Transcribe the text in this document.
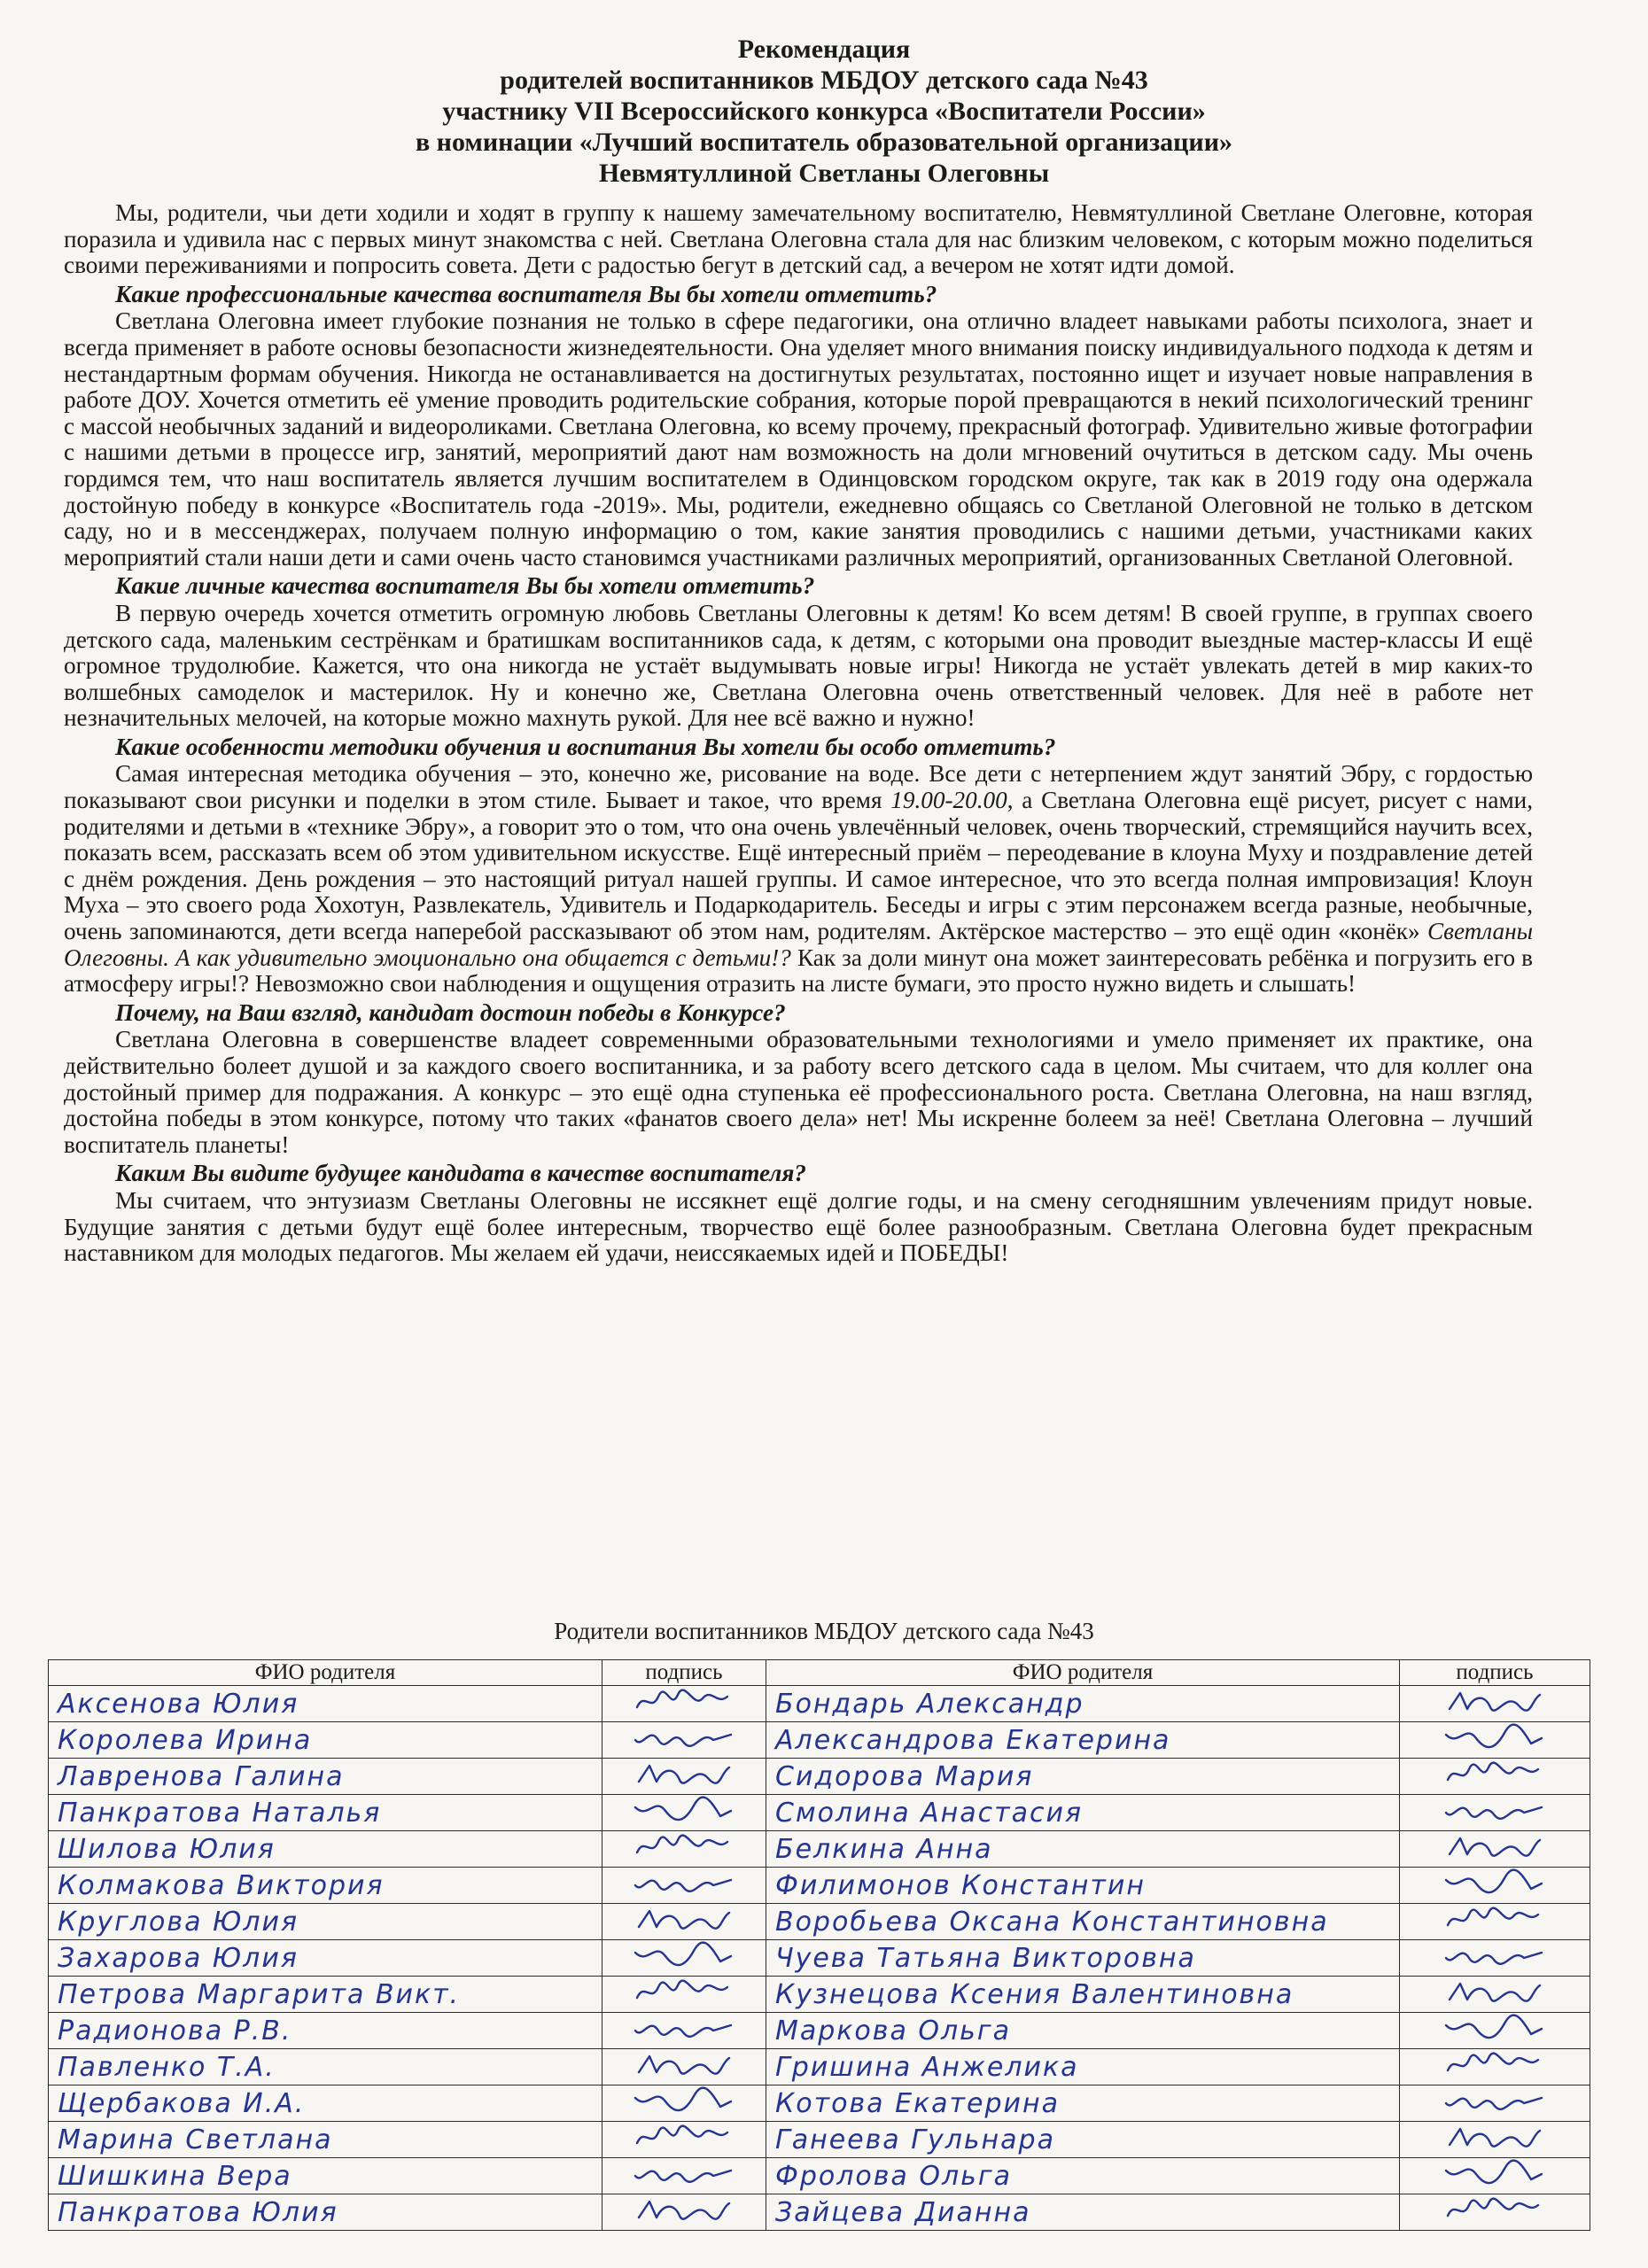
Рекомендация
родителей воспитанников МБДОУ детского сада №43
участнику VII Всероссийского конкурса «Воспитатели России»
в номинации «Лучший воспитатель образовательной организации»
Невмятуллиной Светланы Олеговны

Мы, родители, чьи дети ходили и ходят в группу к нашему замечательному воспитателю, Невмятуллиной Светлане Олеговне, которая поразила и удивила нас с первых минут знакомства с ней. Светлана Олеговна стала для нас близким человеком, с которым можно поделиться своими переживаниями и попросить совета. Дети с радостью бегут в детский сад, а вечером не хотят идти домой.

Какие профессиональные качества воспитателя Вы бы хотели отметить?

Светлана Олеговна имеет глубокие познания не только в сфере педагогики, она отлично владеет навыками работы психолога, знает и всегда применяет в работе основы безопасности жизнедеятельности. Она уделяет много внимания поиску индивидуального подхода к детям и нестандартным формам обучения. Никогда не останавливается на достигнутых результатах, постоянно ищет и изучает новые направления в работе ДОУ. Хочется отметить её умение проводить родительские собрания, которые порой превращаются в некий психологический тренинг с массой необычных заданий и видеороликами. Светлана Олеговна, ко всему прочему, прекрасный фотограф. Удивительно живые фотографии с нашими детьми в процессе игр, занятий, мероприятий дают нам возможность на доли мгновений очутиться в детском саду. Мы очень гордимся тем, что наш воспитатель является лучшим воспитателем в Одинцовском городском округе, так как в 2019 году она одержала достойную победу в конкурсе «Воспитатель года -2019». Мы, родители, ежедневно общаясь со Светланой Олеговной не только в детском саду, но и в мессенджерах, получаем полную информацию о том, какие занятия проводились с нашими детьми, участниками каких мероприятий стали наши дети и сами очень часто становимся участниками различных мероприятий, организованных Светланой Олеговной.

Какие личные качества воспитателя Вы бы хотели отметить?

В первую очередь хочется отметить огромную любовь Светланы Олеговны к детям! Ко всем детям! В своей группе, в группах своего детского сада, маленьким сестрёнкам и братишкам воспитанников сада, к детям, с которыми она проводит выездные мастер-классы И ещё огромное трудолюбие. Кажется, что она никогда не устаёт выдумывать новые игры! Никогда не устаёт увлекать детей в мир каких-то волшебных самоделок и мастерилок. Ну и конечно же, Светлана Олеговна очень ответственный человек. Для неё в работе нет незначительных мелочей, на которые можно махнуть рукой. Для нее всё важно и нужно!

Какие особенности методики обучения и воспитания Вы хотели бы особо отметить?

Самая интересная методика обучения – это, конечно же, рисование на воде. Все дети с нетерпением ждут занятий Эбру, с гордостью показывают свои рисунки и поделки в этом стиле. Бывает и такое, что время 19.00-20.00, а Светлана Олеговна ещё рисует, рисует с нами, родителями и детьми в «технике Эбру», а говорит это о том, что она очень увлечённый человек, очень творческий, стремящийся научить всех, показать всем, рассказать всем об этом удивительном искусстве. Ещё интересный приём – переодевание в клоуна Муху и поздравление детей с днём рождения. День рождения – это настоящий ритуал нашей группы. И самое интересное, что это всегда полная импровизация! Клоун Муха – это своего рода Хохотун, Развлекатель, Удивитель и Подаркодаритель. Беседы и игры с этим персонажем всегда разные, необычные, очень запоминаются, дети всегда наперебой рассказывают об этом нам, родителям. Актёрское мастерство – это ещё один «конёк» Светланы Олеговны. А как удивительно эмоционально она общается с детьми!? Как за доли минут она может заинтересовать ребёнка и погрузить его в атмосферу игры!? Невозможно свои наблюдения и ощущения отразить на листе бумаги, это просто нужно видеть и слышать!

Почему, на Ваш взгляд, кандидат достоин победы в Конкурсе?

Светлана Олеговна в совершенстве владеет современными образовательными технологиями и умело применяет их практике, она действительно болеет душой и за каждого своего воспитанника, и за работу всего детского сада в целом. Мы считаем, что для коллег она достойный пример для подражания. А конкурс – это ещё одна ступенька её профессионального роста. Светлана Олеговна, на наш взгляд, достойна победы в этом конкурсе, потому что таких «фанатов своего дела» нет! Мы искренне болеем за неё! Светлана Олеговна – лучший воспитатель планеты!

Каким Вы видите будущее кандидата в качестве воспитателя?

Мы считаем, что энтузиазм Светланы Олеговны не иссякнет ещё долгие годы, и на смену сегодняшним увлечениям придут новые. Будущие занятия с детьми будут ещё более интересным, творчество ещё более разнообразным. Светлана Олеговна будет прекрасным наставником для молодых педагогов. Мы желаем ей удачи, неиссякаемых идей и ПОБЕДЫ!

Родители воспитанников МБДОУ детского сада №43
ФИО родителя	подпись	ФИО родителя	подпись
Аксенова Юлия		Бондарь Александр	

Королева Ирина		Александрова Екатерина	

Лавренова Галина		Сидорова Мария	

Панкратова Наталья		Смолина Анастасия	

Шилова Юлия		Белкина Анна	

Колмакова Виктория		Филимонов Константин	

Круглова Юлия		Воробьева Оксана Константиновна	

Захарова Юлия		Чуева Татьяна Викторовна	

Петрова Маргарита Викт.		Кузнецова Ксения Валентиновна	

Радионова Р.В.		Маркова Ольга	

Павленко Т.А.		Гришина Анжелика	

Щербакова И.А.		Котова Екатерина	

Марина Светлана		Ганеева Гульнара	

Шишкина Вера		Фролова Ольга	

Панкратова Юлия		Зайцева Дианна	
